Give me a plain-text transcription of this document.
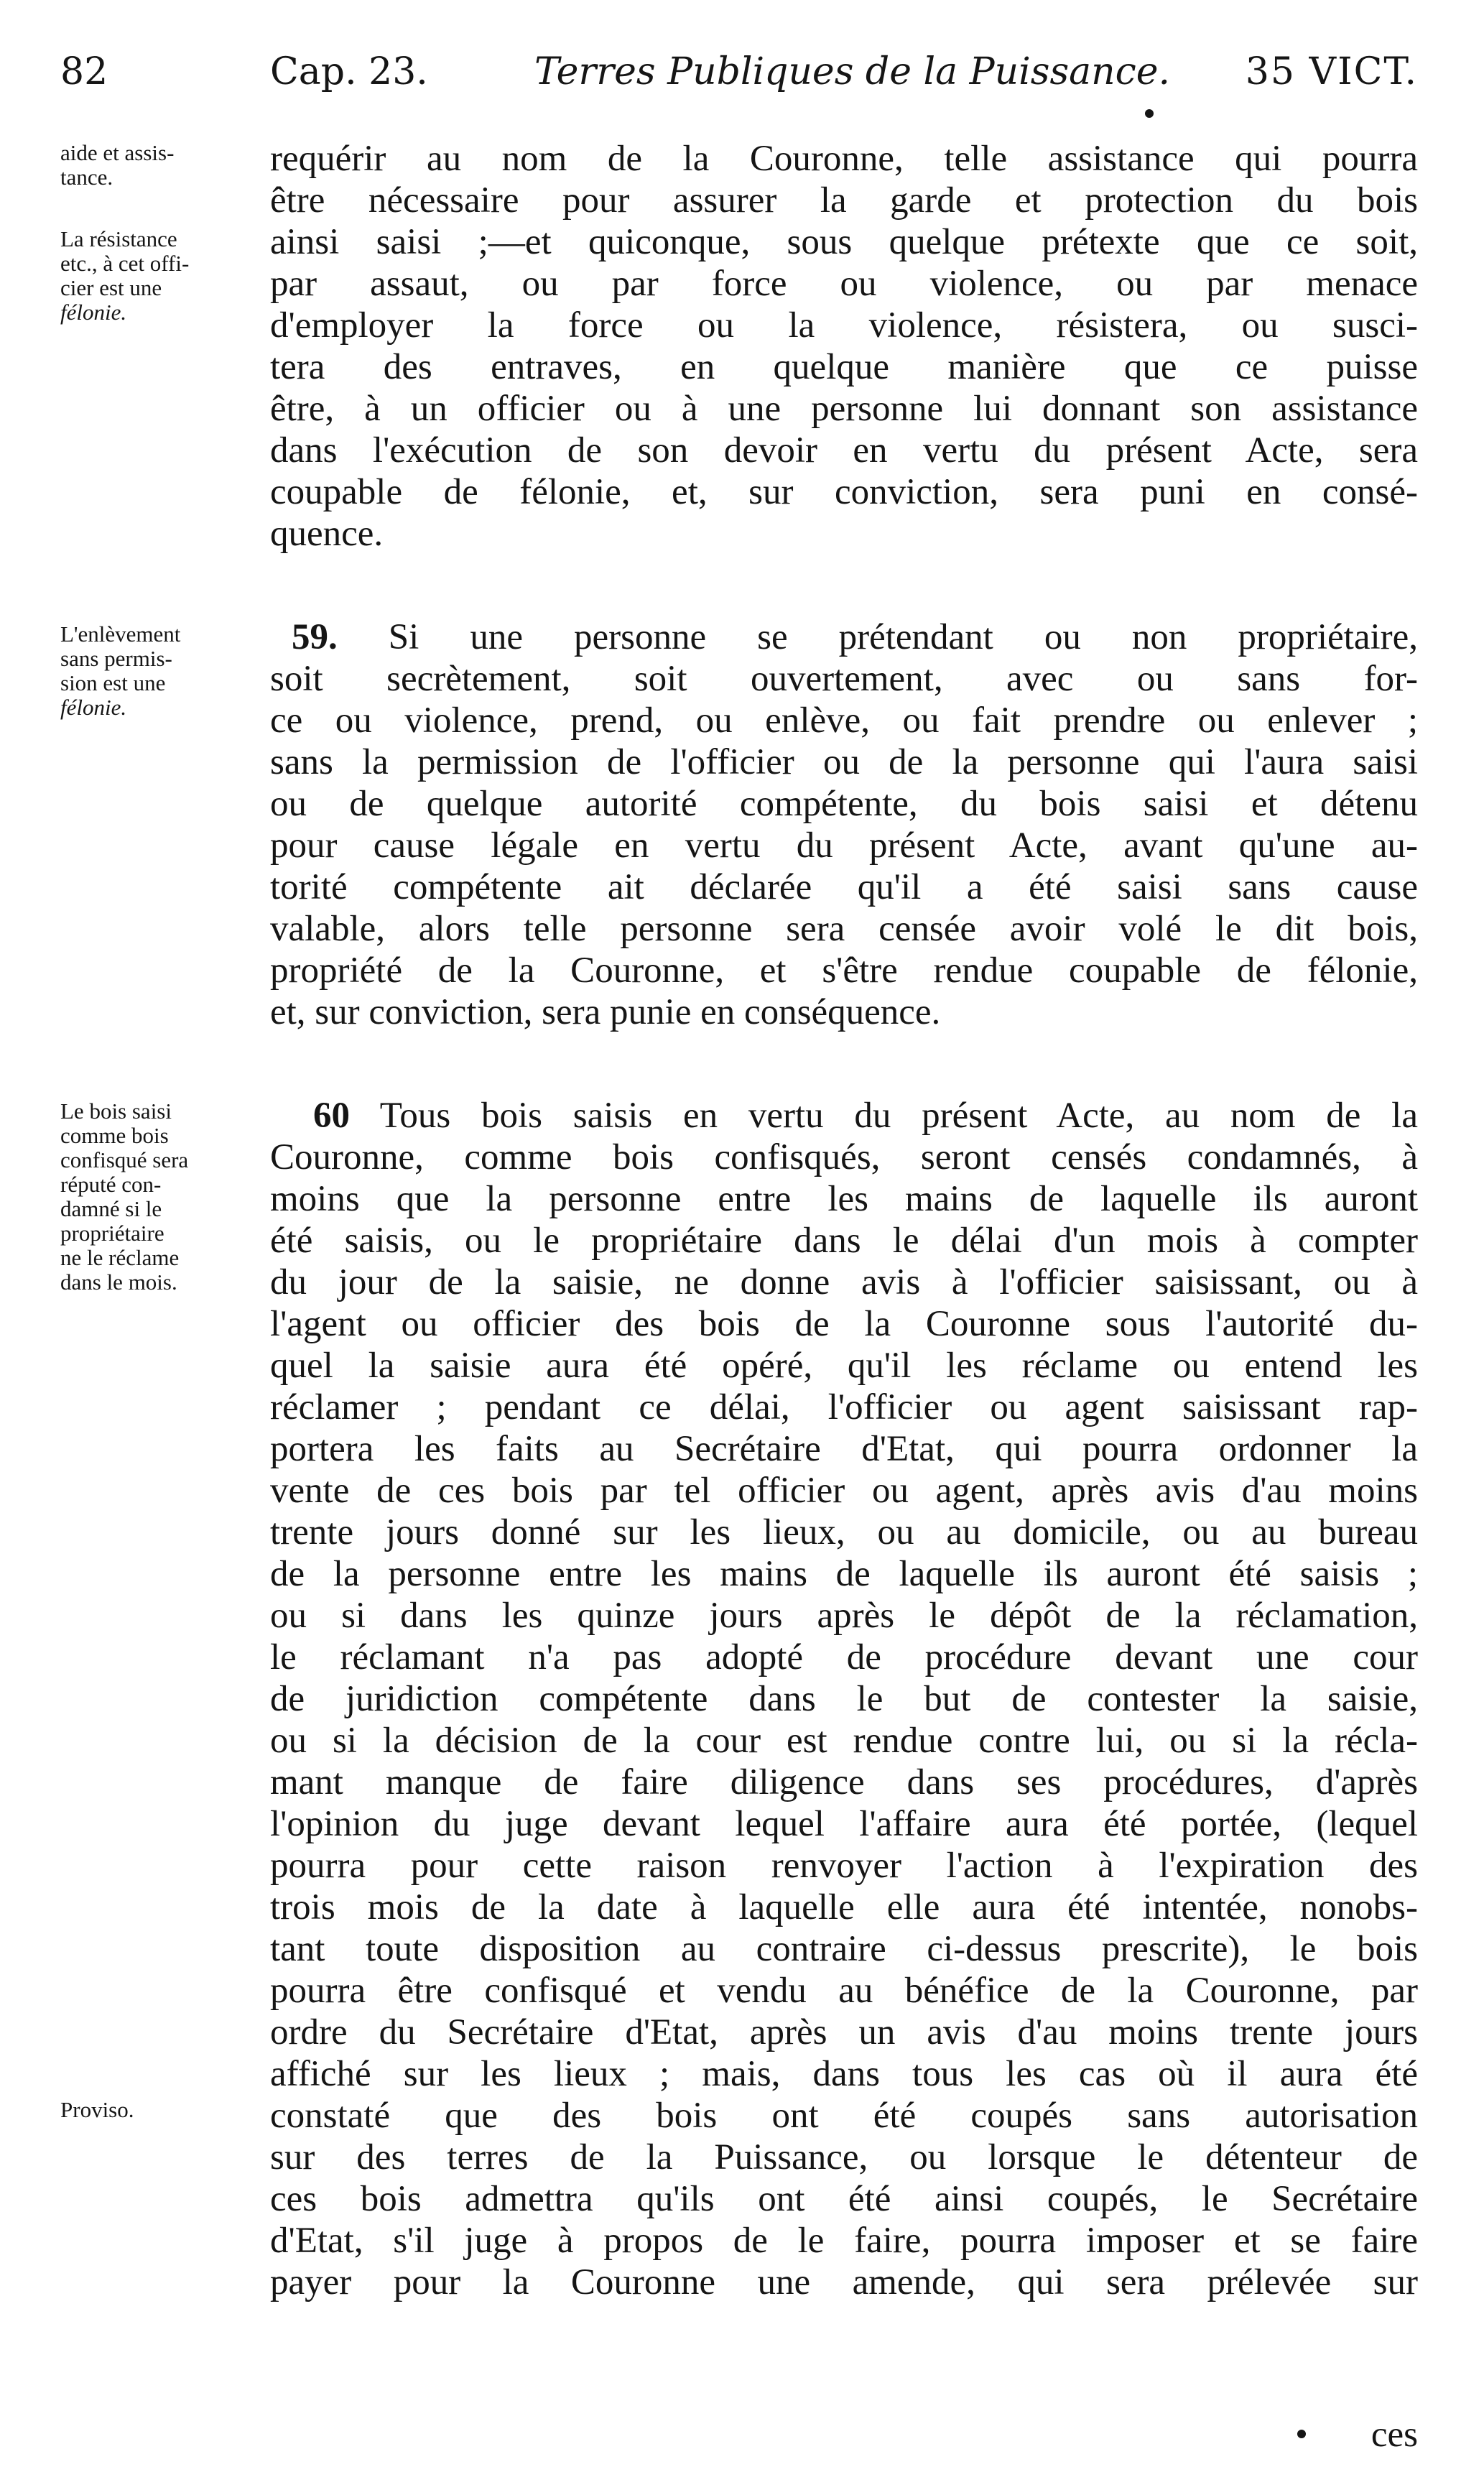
82	Cap. 23.	Terres Publiques de la Puissance. 35 VICT.
aide et assis-
tance.
La résistance
etc., à cet offi-
cier est une
félonie.
L'enlèvement
sans permis-
sion est une
félonie.
Le bois saisi
comme bois
confisqué sera
réputé con-
damné si le
propriétaire
ne le réclame
dans le mois.
Proviso.
requérir au nom de la Couronne, telle assistance qui pourra
être nécessaire pour assurer la garde et protection du bois
ainsi saisi ;—et quiconque, sous quelque prétexte que ce soit,
par assaut, ou par force ou violence, ou par menace
d'employer la force ou la violence, résistera, ou susci-
tera des entraves, en quelque manière que ce puisse
être, à un officier ou à une personne lui donnant son assistance
dans l'exécution de son devoir en vertu du présent Acte, sera
coupable de félonie, et, sur conviction, sera puni en consé-
quence.
59. Si une personne se prétendant ou non propriétaire,
soit secrètement, soit ouvertement, avec ou sans for-
ce ou violence, prend, ou enlève, ou fait prendre ou enlever ;
sans la permission de l'officier ou de la personne qui l'aura saisi
ou de quelque autorité compétente, du bois saisi et détenu
pour cause légale en vertu du présent Acte, avant qu'une au-
torité compétente ait déclarée qu'il a été saisi sans cause
valable, alors telle personne sera censée avoir volé le dit bois,
propriété de la Couronne, et s'être rendue coupable de félonie,
et, sur conviction, sera punie en conséquence.
60 Tous bois saisis en vertu du présent Acte, au nom de la
Couronne, comme bois confisqués, seront censés condamnés, à
moins que la personne entre les mains de laquelle ils auront
été saisis, ou le propriétaire dans le délai d'un mois à compter
du jour de la saisie, ne donne avis à l'officier saisissant, ou à
l'agent ou officier des bois de la Couronne sous l'autorité du-
quel la saisie aura été opéré, qu'il les réclame ou entend les
réclamer ; pendant ce délai, l'officier ou agent saisissant rap-
portera les faits au Secrétaire d'Etat, qui pourra ordonner la
vente de ces bois par tel officier ou agent, après avis d'au moins
trente jours donné sur les lieux, ou au domicile, ou au bureau
de la personne entre les mains de laquelle ils auront été saisis ;
ou si dans les quinze jours après le dépôt de la réclamation,
le réclamant n'a pas adopté de procédure devant une cour
de juridiction compétente dans le but de contester la saisie,
ou si la décision de la cour est rendue contre lui, ou si la récla-
mant manque de faire diligence dans ses procédures, d'après
l'opinion du juge devant lequel l'affaire aura été portée, (lequel
pourra pour cette raison renvoyer l'action à l'expiration des
trois mois de la date à laquelle elle aura été intentée, nonobs-
tant toute disposition au contraire ci-dessus prescrite), le bois
pourra être confisqué et vendu au bénéfice de la Couronne, par
ordre du Secrétaire d'Etat, après un avis d'au moins trente jours
affiché sur les lieux ; mais, dans tous les cas où il aura été
constaté que des bois ont été coupés sans autorisation
sur des terres de la Puissance, ou lorsque le détenteur de
ces bois admettra qu'ils ont été ainsi coupés, le Secrétaire
d'Etat, s'il juge à propos de le faire, pourra imposer et se faire
payer pour la Couronne une amende, qui sera prélevée sur
ces
